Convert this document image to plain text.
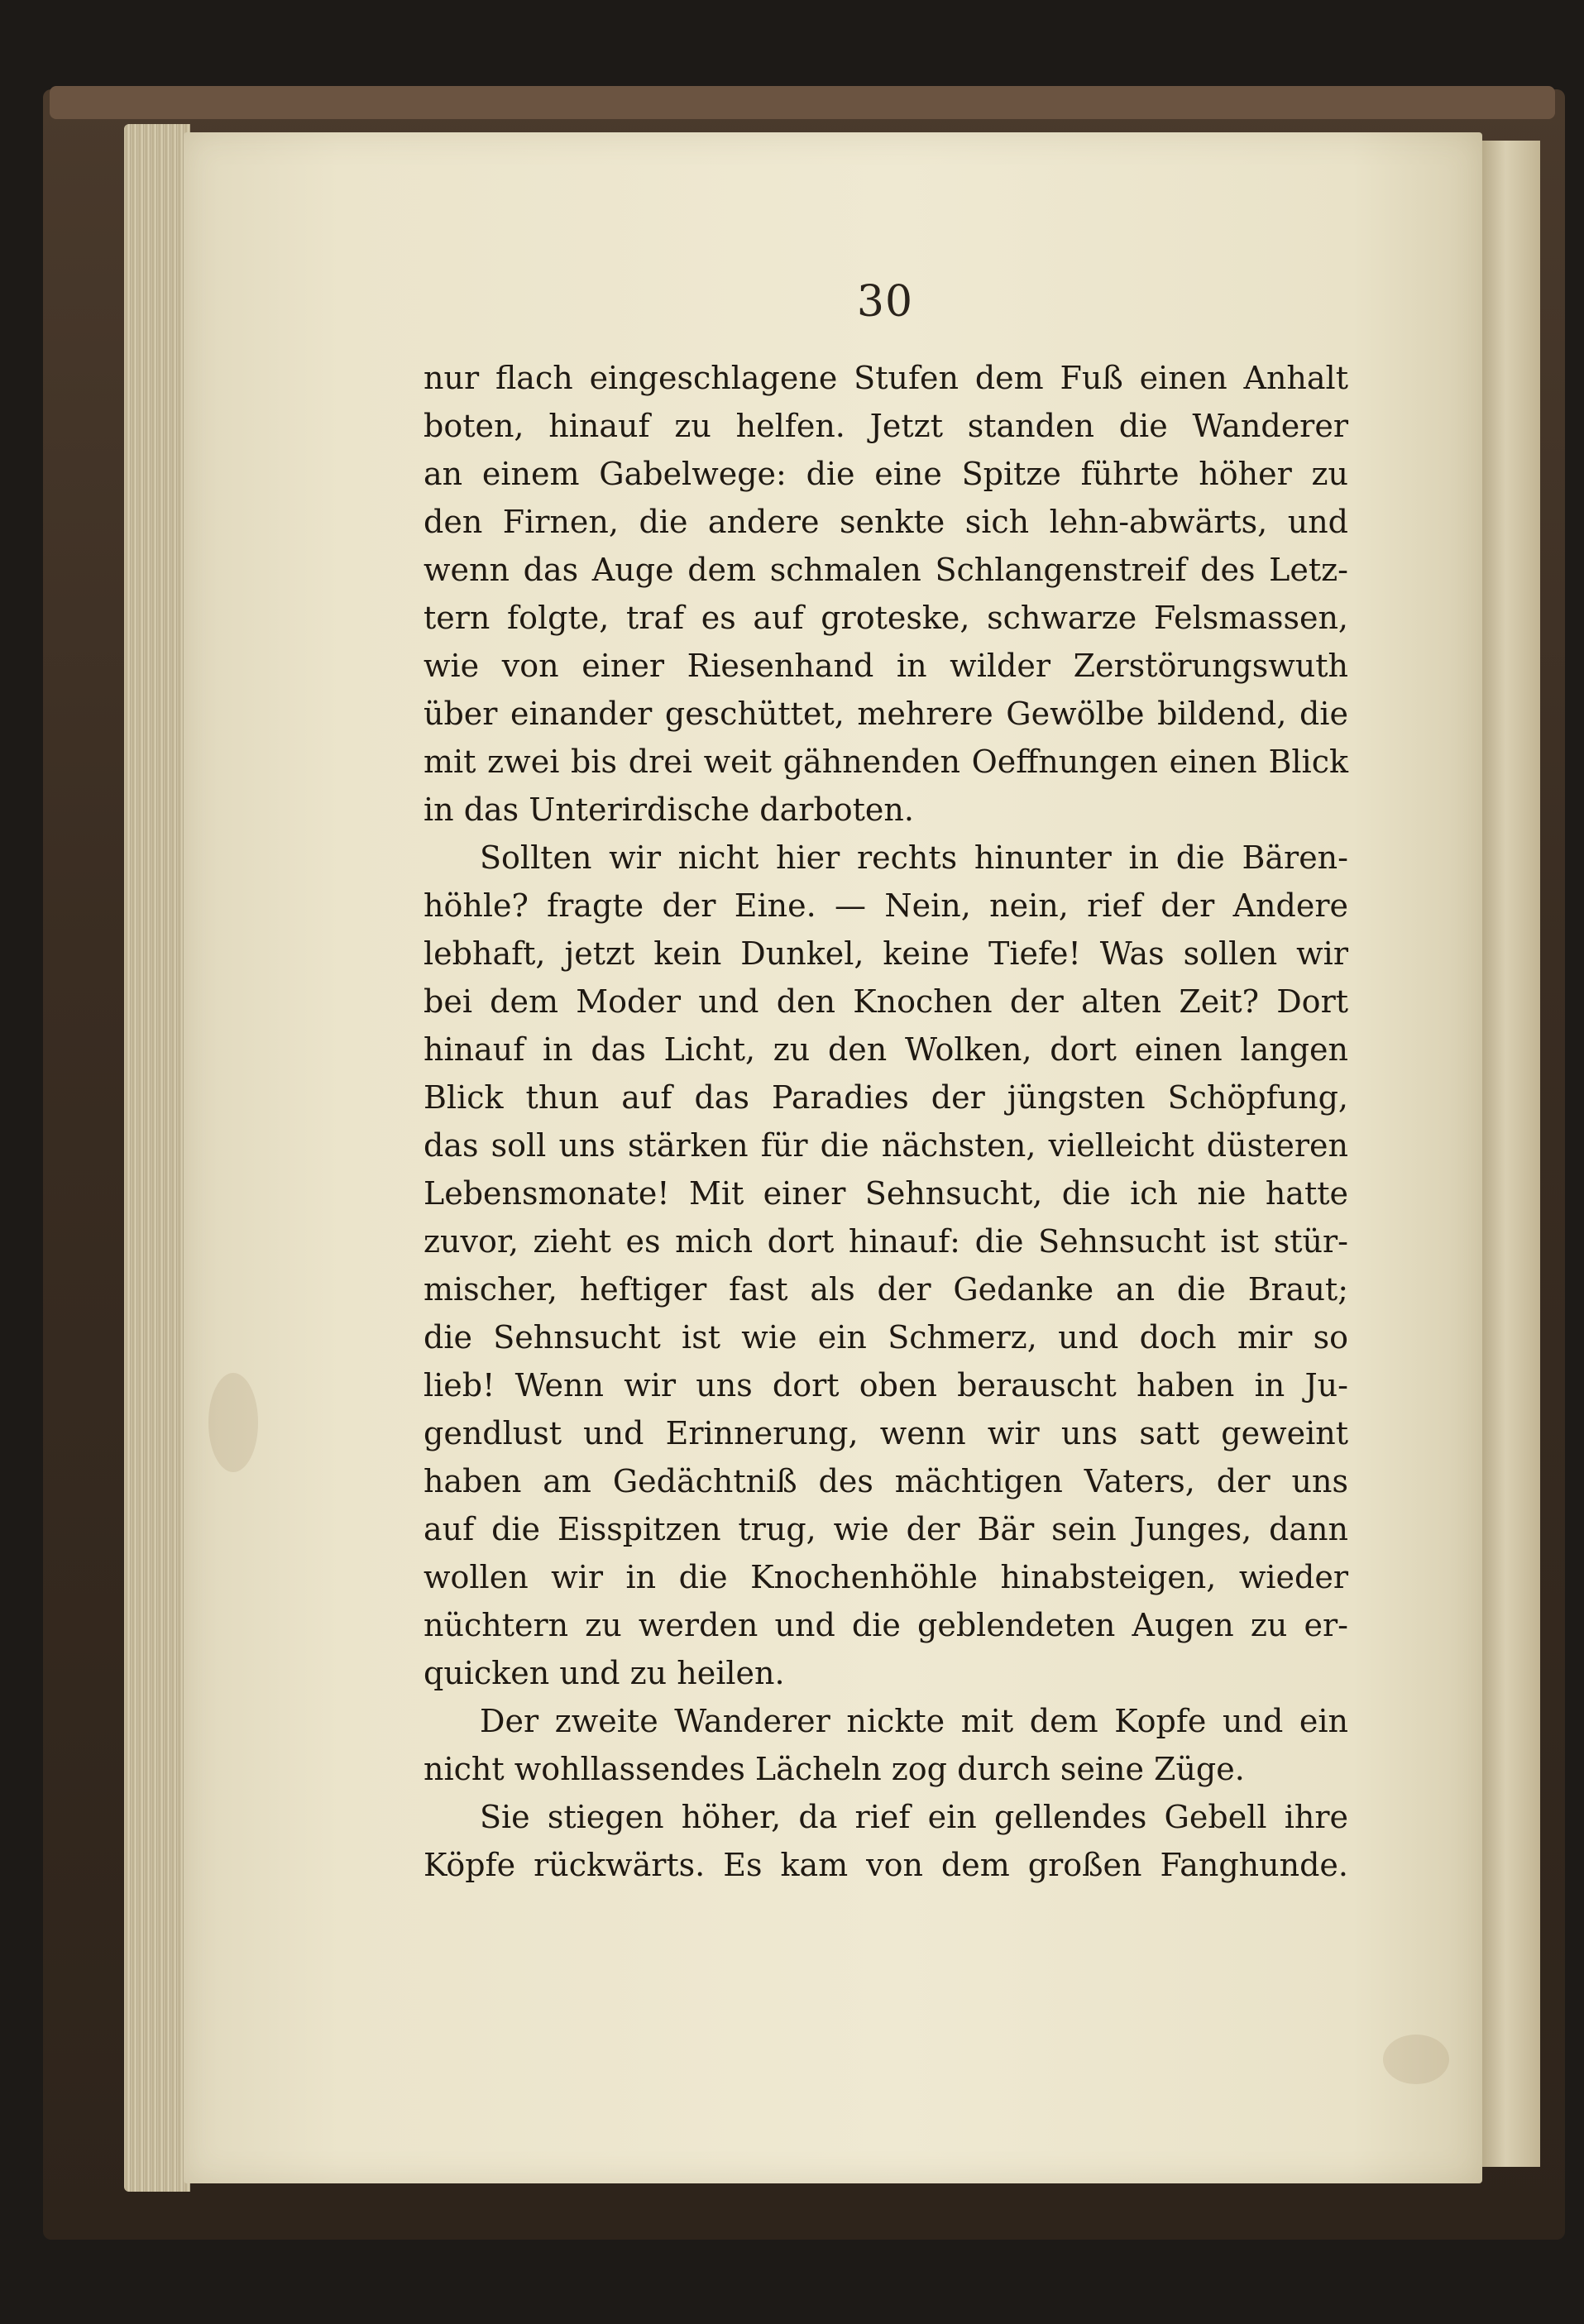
30
nur flach eingeschlagene Stufen dem Fuß einen Anhalt
boten, hinauf zu helfen. Jetzt standen die Wanderer
an einem Gabelwege: die eine Spitze führte höher zu
den Firnen, die andere senkte sich lehn-abwärts, und
wenn das Auge dem schmalen Schlangenstreif des Letz-
tern folgte, traf es auf groteske, schwarze Felsmassen,
wie von einer Riesenhand in wilder Zerstörungswuth
über einander geschüttet, mehrere Gewölbe bildend, die
mit zwei bis drei weit gähnenden Oeffnungen einen Blick
in das Unterirdische darboten.
Sollten wir nicht hier rechts hinunter in die Bären-
höhle? fragte der Eine. — Nein, nein, rief der Andere
lebhaft, jetzt kein Dunkel, keine Tiefe! Was sollen wir
bei dem Moder und den Knochen der alten Zeit? Dort
hinauf in das Licht, zu den Wolken, dort einen langen
Blick thun auf das Paradies der jüngsten Schöpfung,
das soll uns stärken für die nächsten, vielleicht düsteren
Lebensmonate! Mit einer Sehnsucht, die ich nie hatte
zuvor, zieht es mich dort hinauf: die Sehnsucht ist stür-
mischer, heftiger fast als der Gedanke an die Braut;
die Sehnsucht ist wie ein Schmerz, und doch mir so
lieb! Wenn wir uns dort oben berauscht haben in Ju-
gendlust und Erinnerung, wenn wir uns satt geweint
haben am Gedächtniß des mächtigen Vaters, der uns
auf die Eisspitzen trug, wie der Bär sein Junges, dann
wollen wir in die Knochenhöhle hinabsteigen, wieder
nüchtern zu werden und die geblendeten Augen zu er-
quicken und zu heilen.
Der zweite Wanderer nickte mit dem Kopfe und ein
nicht wohllassendes Lächeln zog durch seine Züge.
Sie stiegen höher, da rief ein gellendes Gebell ihre
Köpfe rückwärts. Es kam von dem großen Fanghunde.
